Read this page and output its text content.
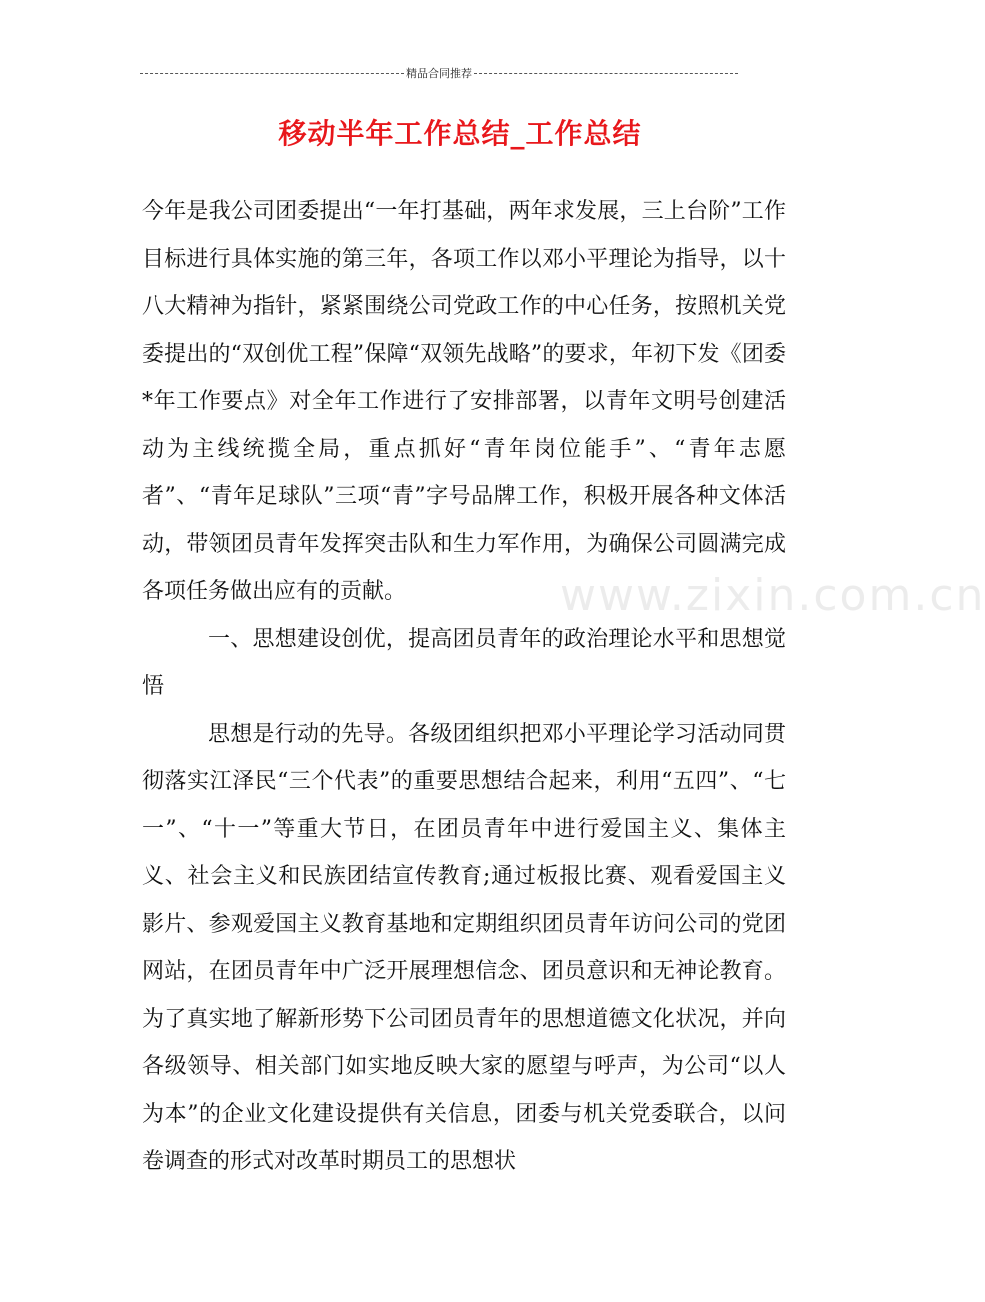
精品合同推荐
移动半年工作总结_工作总结

今年是我公司团委提出“一年打基础，两年求发展，三上台阶”工作目标进行具体实施的第三年，各项工作以邓小平理论为指导，以十八大精神为指针，紧紧围绕公司党政工作的中心任务，按照机关党委提出的“双创优工程”保障“双领先战略”的要求，年初下发《团委*年工作要点》对全年工作进行了安排部署，以青年文明号创建活动为主线统揽全局，重点抓好“青年岗位能手”、“青年志愿者”、“青年足球队”三项“青”字号品牌工作，积极开展各种文体活动，带领团员青年发挥突击队和生力军作用，为确保公司圆满完成各项任务做出应有的贡献。

一、思想建设创优，提高团员青年的政治理论水平和思想觉悟

思想是行动的先导。各级团组织把邓小平理论学习活动同贯彻落实江泽民“三个代表”的重要思想结合起来，利用“五四”、“七一”、“十一”等重大节日，在团员青年中进行爱国主义、集体主义、社会主义和民族团结宣传教育;通过板报比赛、观看爱国主义影片、参观爱国主义教育基地和定期组织团员青年访问公司的党团网站，在团员青年中广泛开展理想信念、团员意识和无神论教育。为了真实地了解新形势下公司团员青年的思想道德文化状况，并向各级领导、相关部门如实地反映大家的愿望与呼声，为公司“以人为本”的企业文化建设提供有关信息，团委与机关党委联合，以问卷调查的形式对改革时期员工的思想状

www.zixin.com.cn
